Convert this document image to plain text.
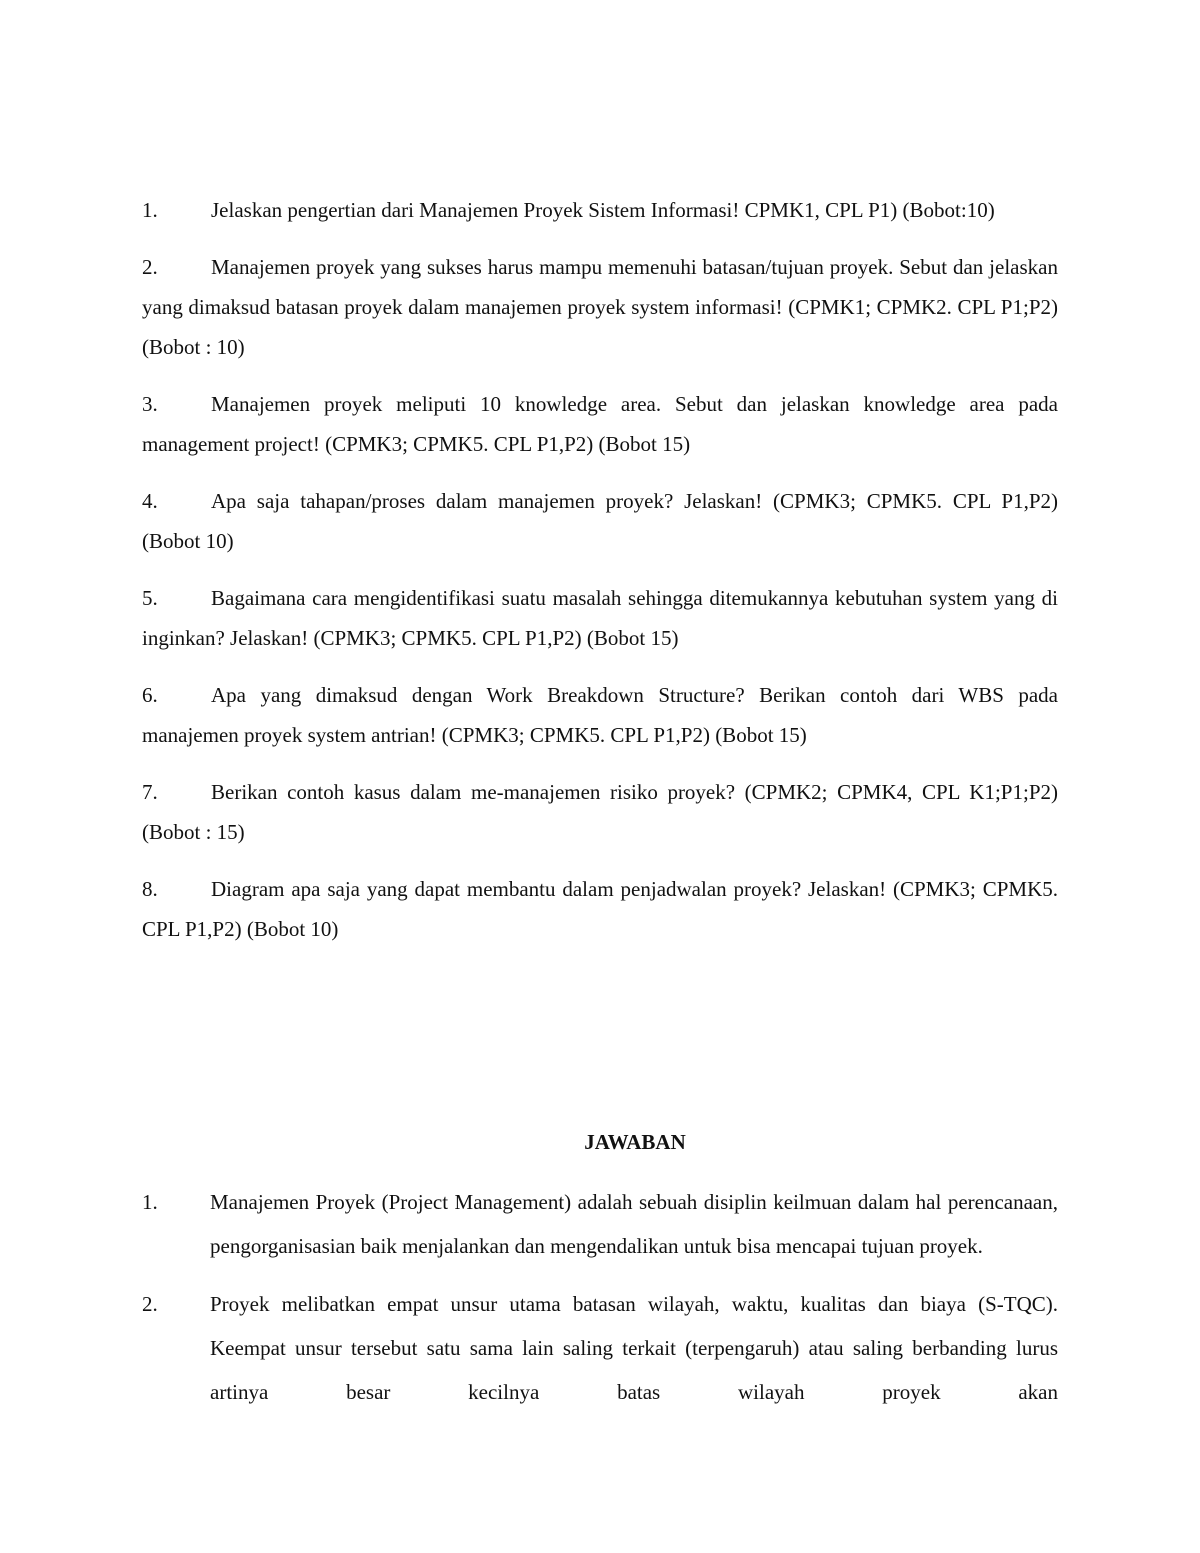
1.	Jelaskan pengertian dari Manajemen Proyek Sistem Informasi! CPMK1, CPL P1) (Bobot:10)

2.	Manajemen proyek yang sukses harus mampu memenuhi batasan/tujuan proyek. Sebut dan jelaskan yang dimaksud batasan proyek dalam manajemen proyek system informasi! (CPMK1; CPMK2. CPL P1;P2) (Bobot : 10)

3.	Manajemen proyek meliputi 10 knowledge area. Sebut dan jelaskan knowledge area pada management project! (CPMK3; CPMK5. CPL P1,P2) (Bobot 15)

4.	Apa saja tahapan/proses dalam manajemen proyek? Jelaskan! (CPMK3; CPMK5. CPL P1,P2) (Bobot 10)

5.	Bagaimana cara mengidentifikasi suatu masalah sehingga ditemukannya kebutuhan system yang di inginkan? Jelaskan! (CPMK3; CPMK5. CPL P1,P2) (Bobot 15)

6.	Apa yang dimaksud dengan Work Breakdown Structure? Berikan contoh dari WBS pada manajemen proyek system antrian! (CPMK3; CPMK5. CPL P1,P2) (Bobot 15)

7.	Berikan contoh kasus dalam me-manajemen risiko proyek? (CPMK2; CPMK4, CPL K1;P1;P2) (Bobot : 15)

8.	Diagram apa saja yang dapat membantu dalam penjadwalan proyek? Jelaskan! (CPMK3; CPMK5. CPL P1,P2) (Bobot 10)

JAWABAN

1. Manajemen Proyek (Project Management) adalah sebuah disiplin keilmuan dalam hal perencanaan, pengorganisasian baik menjalankan dan mengendalikan untuk bisa mencapai tujuan proyek.

2. Proyek melibatkan empat unsur utama batasan wilayah, waktu, kualitas dan biaya (S-TQC). Keempat unsur tersebut satu sama lain saling terkait (terpengaruh) atau saling berbanding lurus artinya besar kecilnya batas wilayah proyek akan
